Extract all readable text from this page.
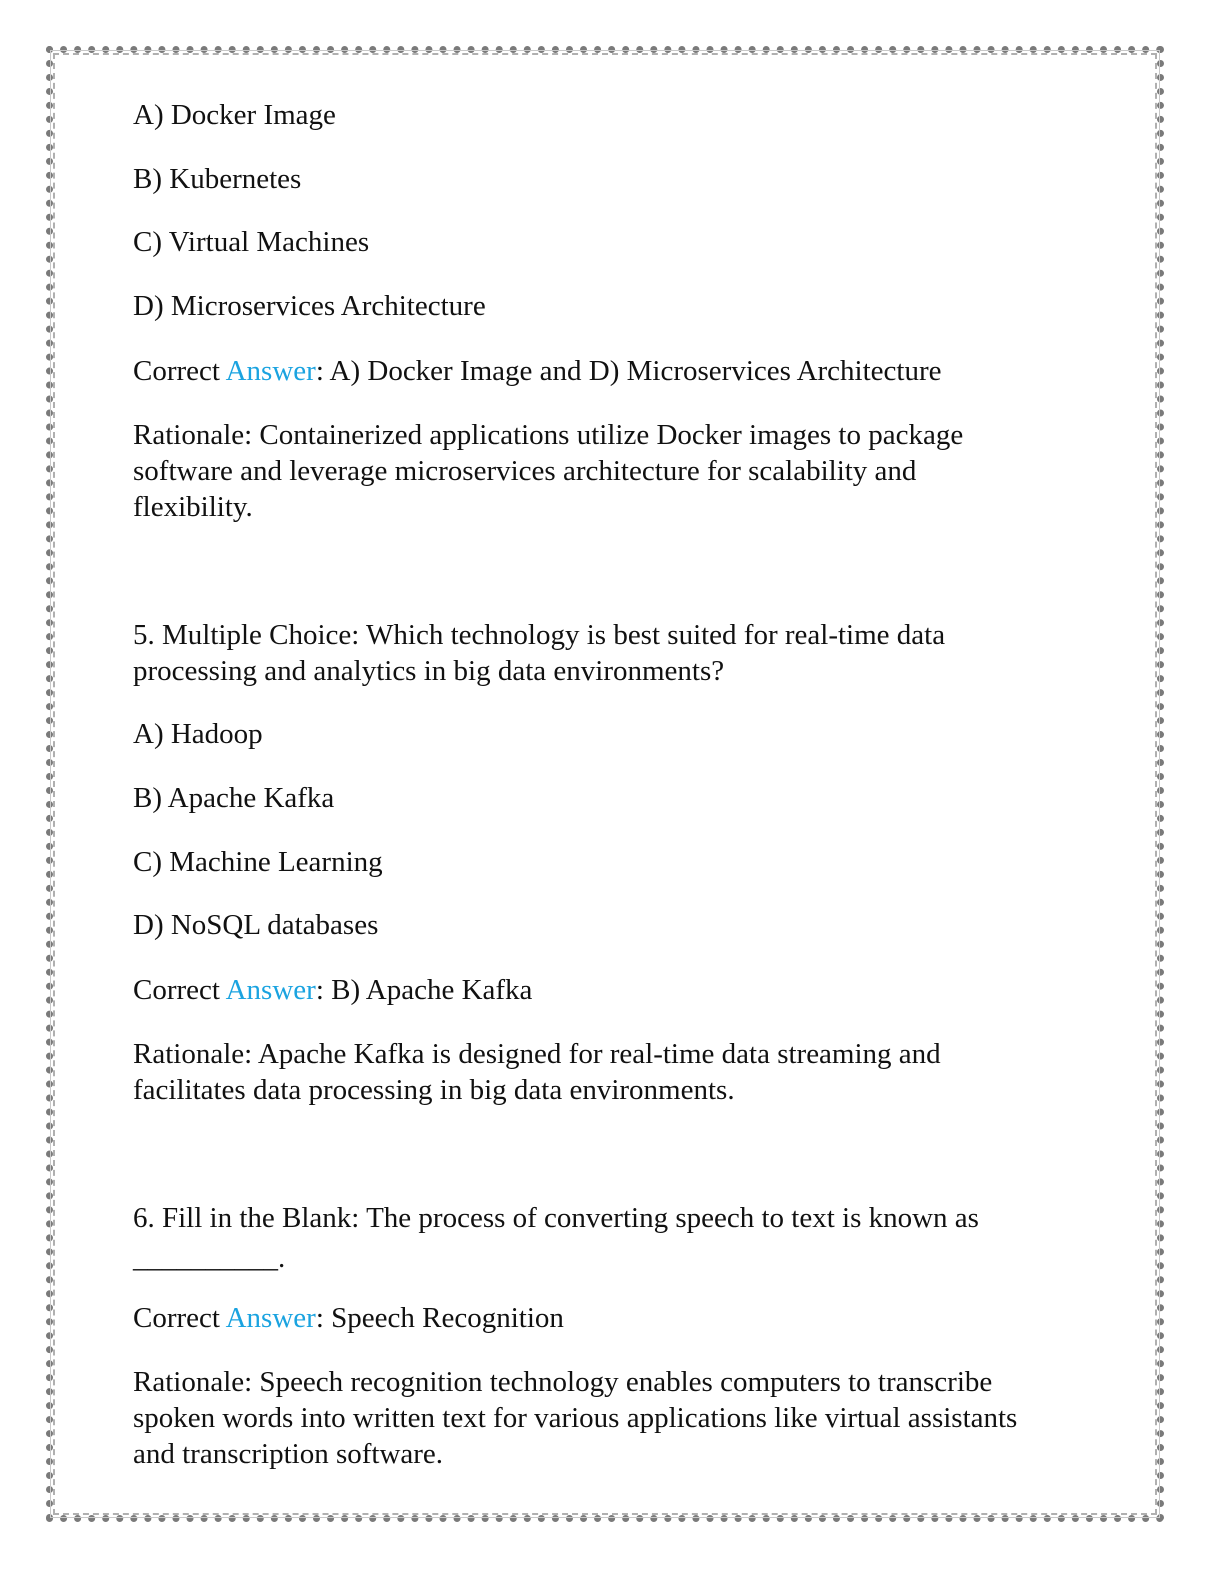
A) Docker Image

B) Kubernetes

C) Virtual Machines

D) Microservices Architecture

Correct Answer: A) Docker Image and D) Microservices Architecture

Rationale: Containerized applications utilize Docker images to package

software and leverage microservices architecture for scalability and

flexibility.

5. Multiple Choice: Which technology is best suited for real-time data

processing and analytics in big data environments?

A) Hadoop

B) Apache Kafka

C) Machine Learning

D) NoSQL databases

Correct Answer: B) Apache Kafka

Rationale: Apache Kafka is designed for real-time data streaming and

facilitates data processing in big data environments.

6. Fill in the Blank: The process of converting speech to text is known as

__________.

Correct Answer: Speech Recognition

Rationale: Speech recognition technology enables computers to transcribe

spoken words into written text for various applications like virtual assistants

and transcription software.
